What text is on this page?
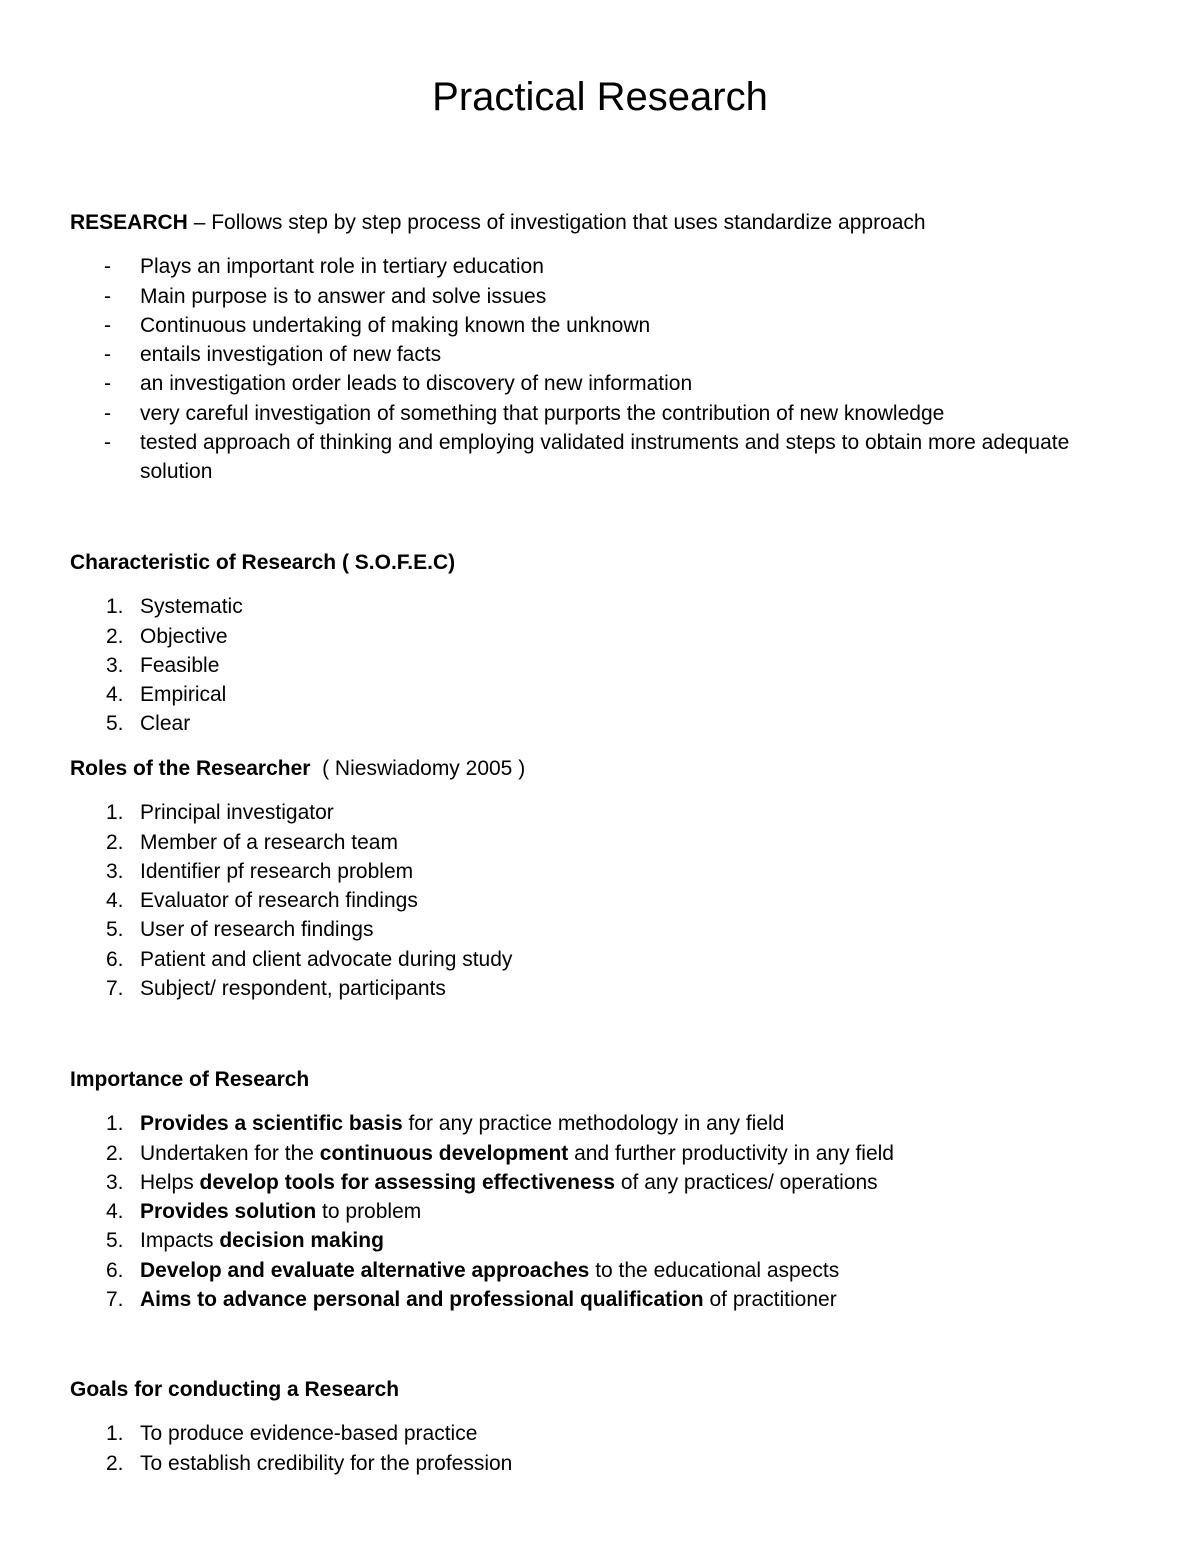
Practical Research
RESEARCH – Follows step by step process of investigation that uses standardize approach
-	Plays an important role in tertiary education
-	Main purpose is to answer and solve issues
-	Continuous undertaking of making known the unknown
-	entails investigation of new facts
-	an investigation order leads to discovery of new information
-	very careful investigation of something that purports the contribution of new knowledge
-	tested approach of thinking and employing validated instruments and steps to obtain more adequate solution
Characteristic of Research ( S.O.F.E.C)
1. Systematic
2. Objective
3. Feasible
4. Empirical
5. Clear
Roles of the Researcher  ( Nieswiadomy 2005 )
1. Principal investigator
2. Member of a research team
3. Identifier pf research problem
4. Evaluator of research findings
5. User of research findings
6. Patient and client advocate during study
7. Subject/ respondent, participants
Importance of Research
1. Provides a scientific basis for any practice methodology in any field
2. Undertaken for the continuous development and further productivity in any field
3. Helps develop tools for assessing effectiveness of any practices/ operations
4. Provides solution to problem
5. Impacts decision making
6. Develop and evaluate alternative approaches to the educational aspects
7. Aims to advance personal and professional qualification of practitioner
Goals for conducting a Research
1. To produce evidence-based practice
2. To establish credibility for the profession
